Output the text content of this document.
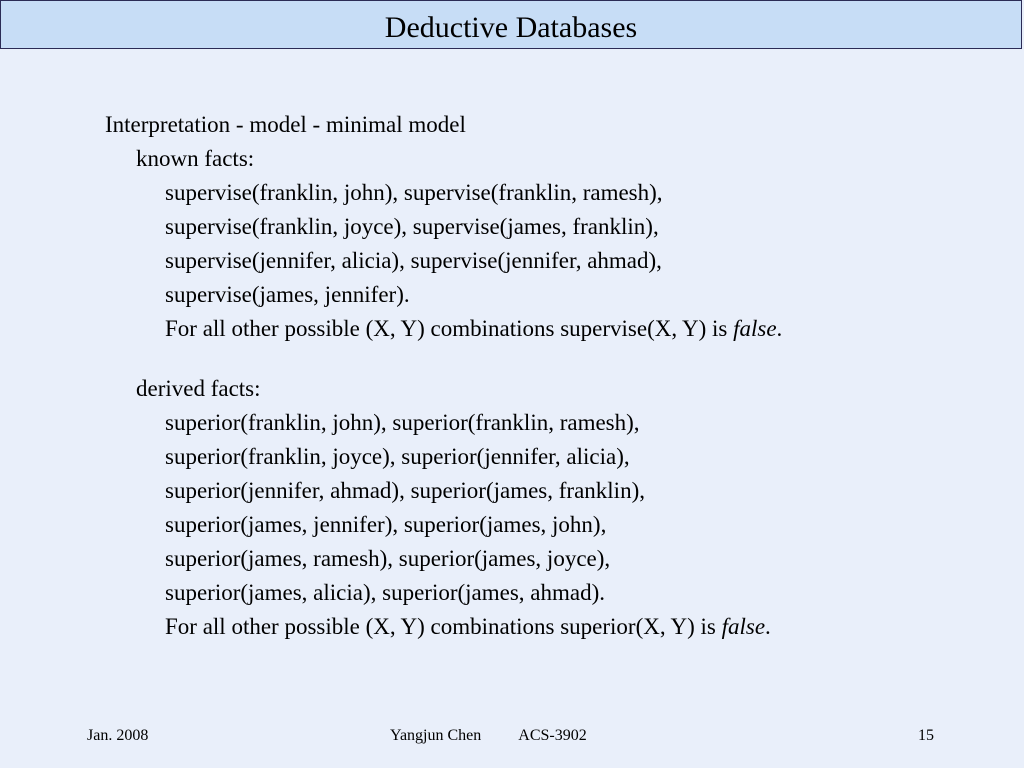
Deductive Databases
Interpretation - model - minimal model
known facts:
supervise(franklin, john), supervise(franklin, ramesh),
supervise(franklin, joyce), supervise(james, franklin),
supervise(jennifer, alicia), supervise(jennifer, ahmad),
supervise(james, jennifer).
For all other possible (X, Y) combinations supervise(X, Y) is false.
derived facts:
superior(franklin, john), superior(franklin, ramesh),
superior(franklin, joyce), superior(jennifer, alicia),
superior(jennifer, ahmad), superior(james, franklin),
superior(james, jennifer), superior(james, john),
superior(james, ramesh), superior(james, joyce),
superior(james, alicia), superior(james, ahmad).
For all other possible (X, Y) combinations superior(X, Y) is false.
Jan. 2008	Yangjun Chen ACS-3902	15
